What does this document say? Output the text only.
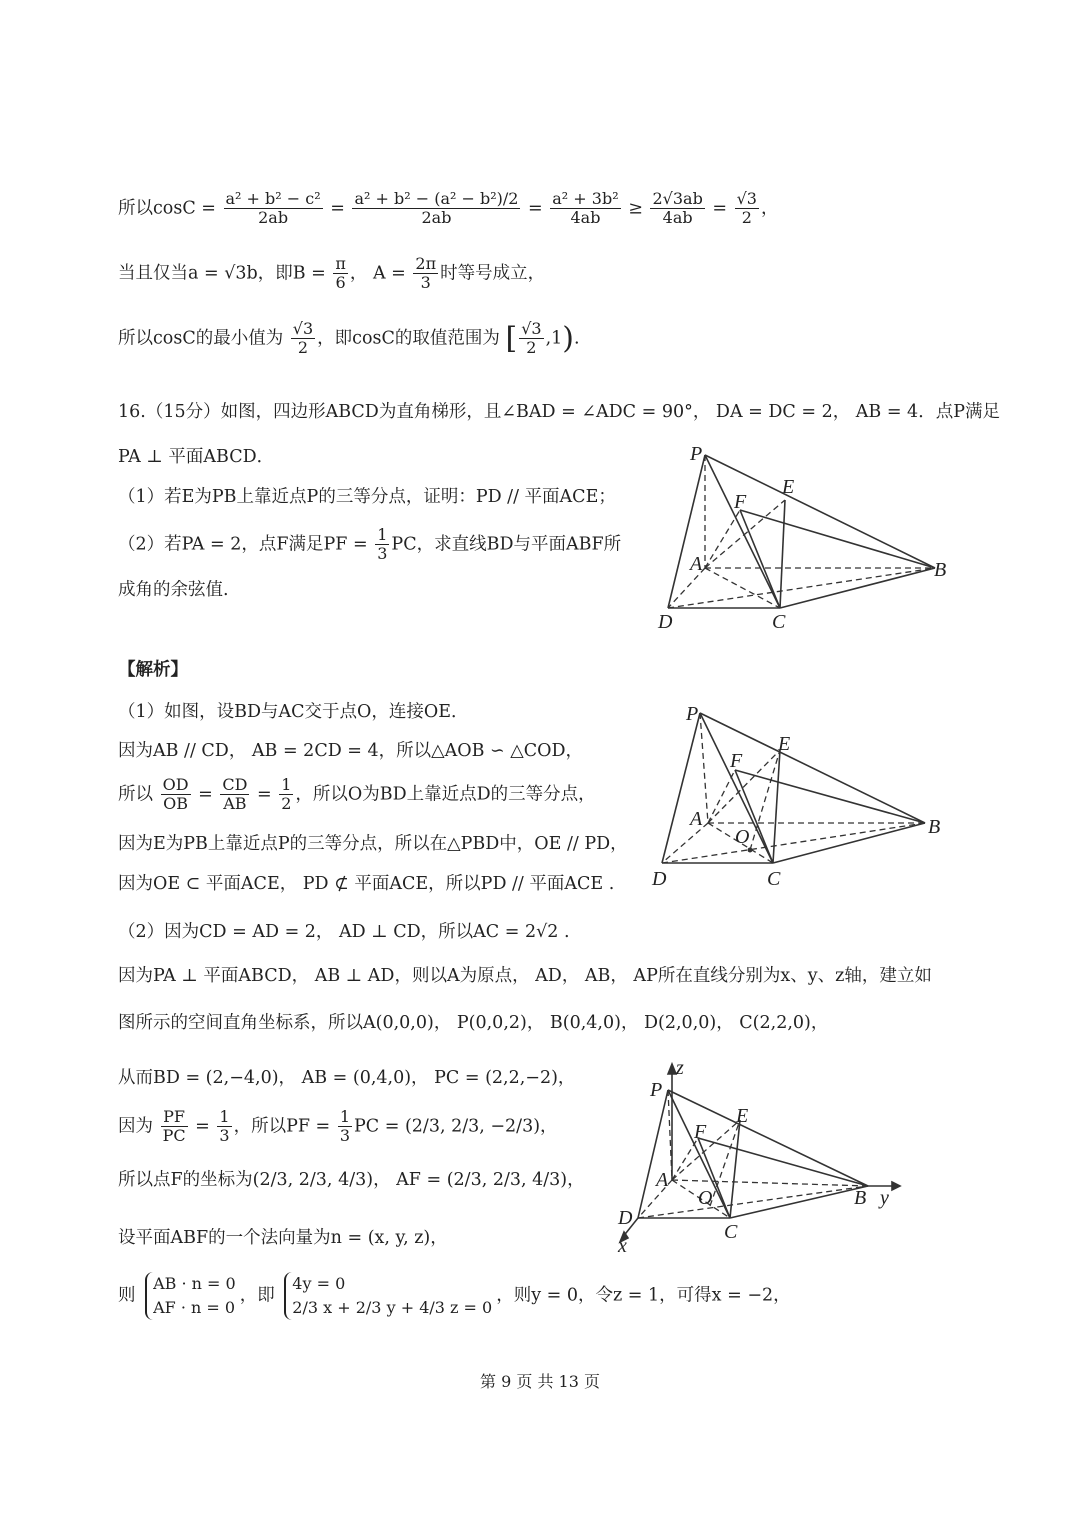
所以$\cos C = \frac{\text{a² + b² − c²}}{2ab} = \frac{\text{a² + b² − (a² − b²)/2}}{2ab} = \frac{\text{a² + 3b²}}{4ab} \ge \frac{2√3ab}{4ab} = \frac{√3}{2}$ ，
当且仅当a = √3b，即$B = \frac{\pi}{6}$ ， $A = \frac{2\pi}{3}$ 时等号成立，
所以cosC的最小值为 $\frac{√3}{2}$ ，即cosC的取值范围为 [ $\frac{√3}{2} ,1$).
16.（15分）如图，四边形ABCD为直角梯形，且∠BAD = ∠ADC = 90°， DA = DC = 2， AB = 4．点P满足
PA ⊥ 平面ABCD．
（1）若E为PB上靠近点P的三等分点，证明：PD // 平面ACE；
（2）若PA = 2，点F满足PF = $\frac{1}{3}$ PC，求直线BD与平面ABF所
成角的余弦值.
P
E
F
A	B
D	C
【解析】
（1）如图，设BD与AC交于点O，连接OE．
因为AB // CD， AB = 2CD = 4，所以△AOB ∽ △COD，
所以 $\frac{OD}{OB} = \frac{CD}{AB} = \frac{1}{2}$ ，所以O为BD上靠近点D的三等分点，
因为E为PB上靠近点P的三等分点，所以在△PBD中，OE // PD，
因为OE ⊂ 平面ACE， PD ⊄ 平面ACE，所以PD // 平面ACE .
P
E
F
A
O	B
D	C
（2）因为CD = AD = 2， AD ⊥ CD，所以AC = 2√2 .
因为PA ⊥ 平面ABCD， AB ⊥ AD，则以A为原点， AD， AB， AP所在直线分别为x、y、z轴，建立如
图所示的空间直角坐标系，所以A(0,0,0)， P(0,0,2)， B(0,4,0)， D(2,0,0)， C(2,2,0)，
从而BD = (2,−4,0)， AB = (0,4,0)， PC = (2,2,−2)，
因为 $\frac{PF}{PC} = \frac{1}{3}$ ，所以PF = $\frac{1}{3}$ PC = (2/3, 2/3, −2/3)，
所以点F的坐标为(2/3, 2/3, 4/3)， AF = (2/3, 2/3, 4/3)，
设平面ABF的一个法向量为n = (x, y, z)，
则
AB · n = 0
AF · n = 0
，即
4y = 0
2/3 x + 2/3 y + 4/3 z = 0
，则y = 0，令z = 1，可得x = −2，
P
z
E
F
A
O	B y
D
x
C
第 9 页 共 13 页
